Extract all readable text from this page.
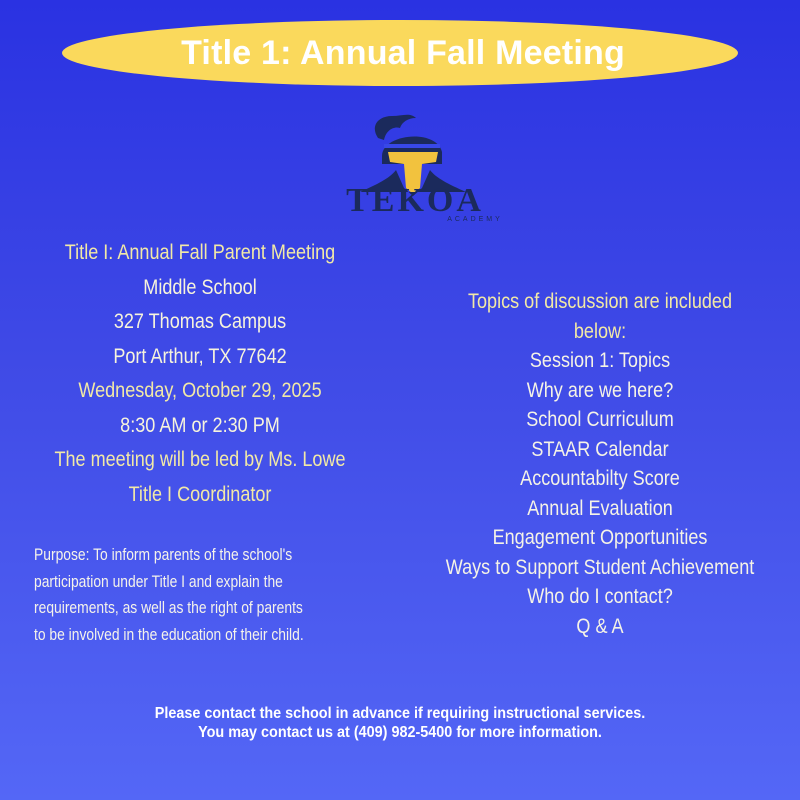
Title 1: Annual Fall Meeting
TEKOA
ACADEMY
Title I: Annual Fall Parent Meeting
Middle School
327 Thomas Campus
Port Arthur, TX 77642
Wednesday, October 29, 2025
8:30 AM or 2:30 PM
The meeting will be led by Ms. Lowe
Title I Coordinator
Purpose: To inform parents of the school's
participation under Title I and explain the
requirements, as well as the right of parents
to be involved in the education of their child.
Topics of discussion are included
below:
Session 1: Topics
Why are we here?
School Curriculum
STAAR Calendar
Accountabilty Score
Annual Evaluation
Engagement Opportunities
Ways to Support Student Achievement
Who do I contact?
Q & A
Please contact the school in advance if requiring instructional services.
You may contact us at (409) 982-5400 for more information.
